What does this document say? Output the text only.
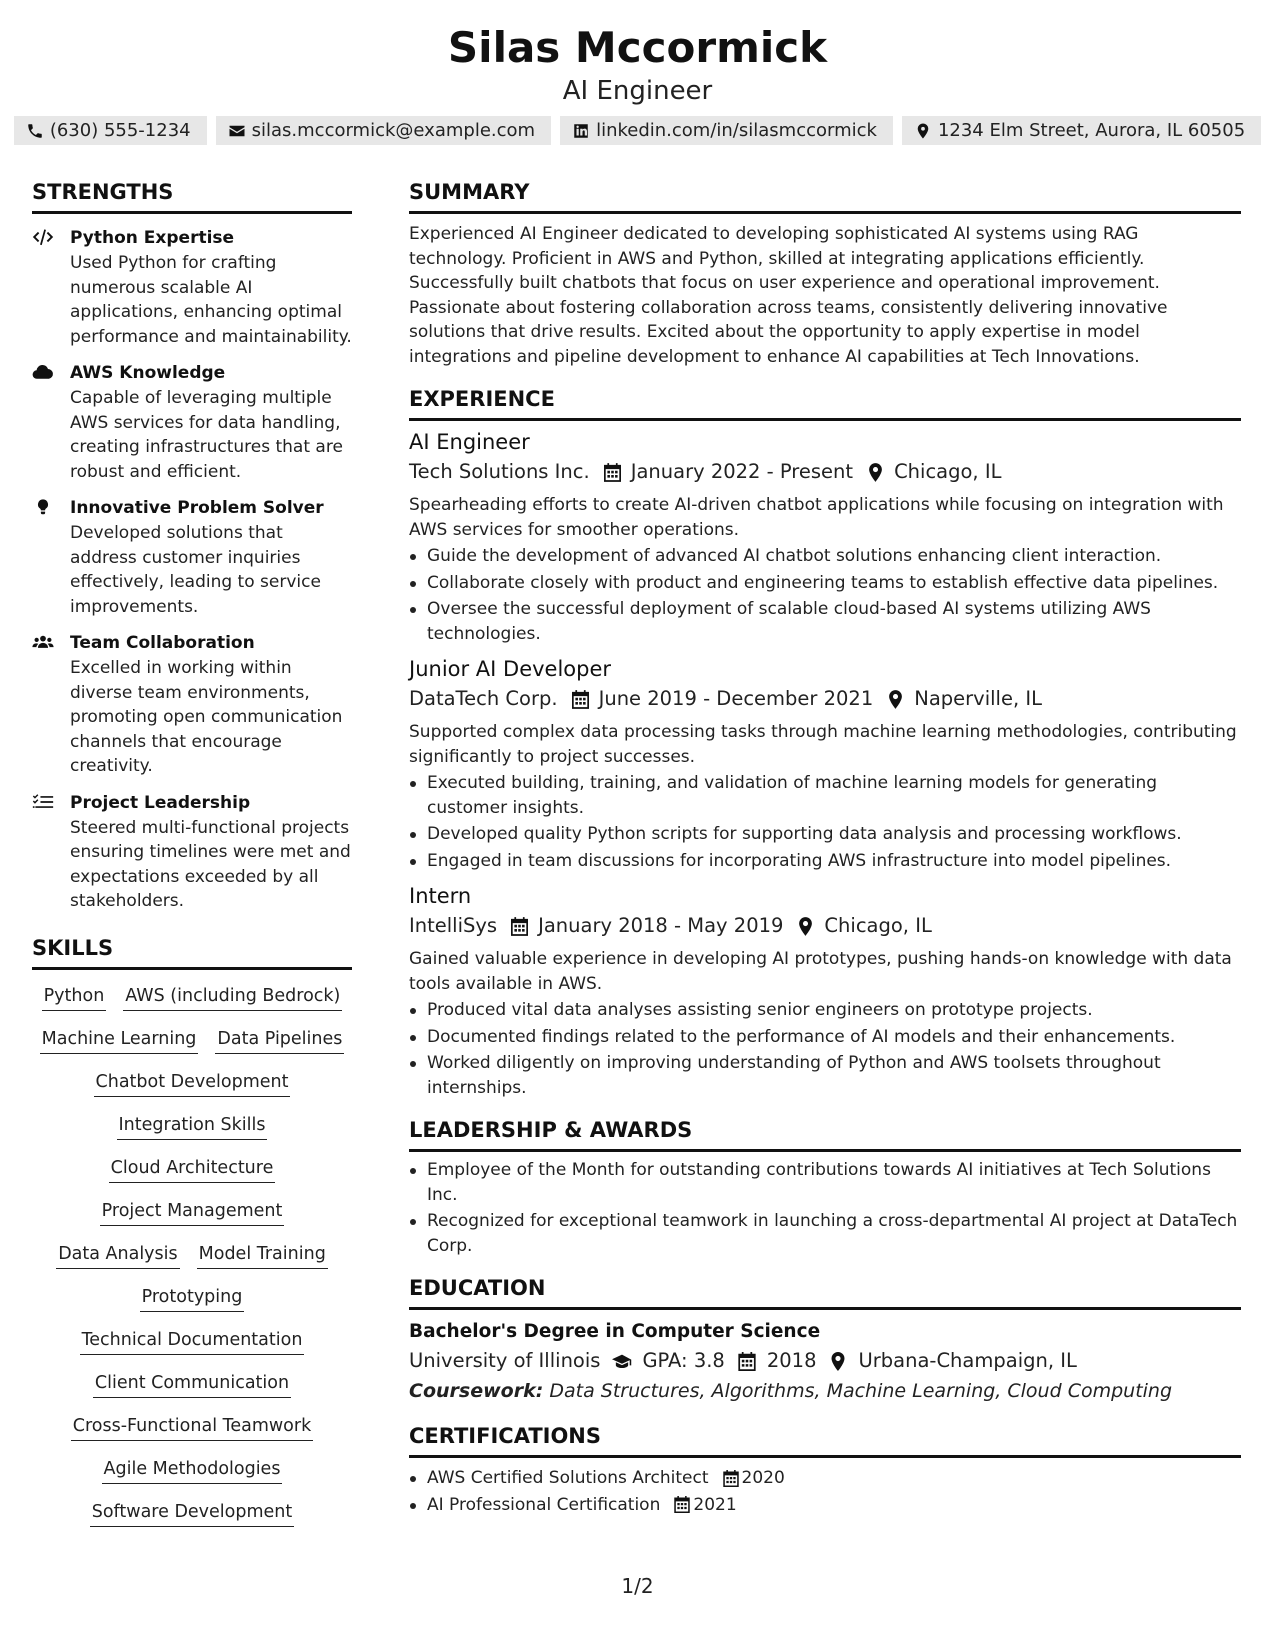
Silas Mccormick
AI Engineer
(630) 555-1234	silas.mccormick@example.com	linkedin.com/in/silasmccormick	1234 Elm Street, Aurora, IL 60505
STRENGTHS
Python Expertise
Used Python for crafting numerous scalable AI applications, enhancing optimal performance and maintainability.
AWS Knowledge
Capable of leveraging multiple AWS services for data handling, creating infrastructures that are robust and efficient.
Innovative Problem Solver
Developed solutions that address customer inquiries effectively, leading to service improvements.
Team Collaboration
Excelled in working within diverse team environments, promoting open communication channels that encourage creativity.
Project Leadership
Steered multi-functional projects ensuring timelines were met and expectations exceeded by all stakeholders.
SKILLS
Python AWS (including Bedrock)
Machine Learning Data Pipelines
Chatbot Development
Integration Skills
Cloud Architecture
Project Management
Data Analysis Model Training
Prototyping
Technical Documentation
Client Communication
Cross-Functional Teamwork
Agile Methodologies
Software Development
SUMMARY
Experienced AI Engineer dedicated to developing sophisticated AI systems using RAG technology. Proficient in AWS and Python, skilled at integrating applications efficiently. Successfully built chatbots that focus on user experience and operational improvement. Passionate about fostering collaboration across teams, consistently delivering innovative solutions that drive results. Excited about the opportunity to apply expertise in model integrations and pipeline development to enhance AI capabilities at Tech Innovations.
EXPERIENCE
AI Engineer
Tech Solutions Inc. January 2022 - Present Chicago, IL
Spearheading efforts to create AI-driven chatbot applications while focusing on integration with AWS services for smoother operations.
Guide the development of advanced AI chatbot solutions enhancing client interaction.
Collaborate closely with product and engineering teams to establish effective data pipelines.
Oversee the successful deployment of scalable cloud-based AI systems utilizing AWS technologies.
Junior AI Developer
DataTech Corp. June 2019 - December 2021 Naperville, IL
Supported complex data processing tasks through machine learning methodologies, contributing significantly to project successes.
Executed building, training, and validation of machine learning models for generating customer insights.
Developed quality Python scripts for supporting data analysis and processing workflows.
Engaged in team discussions for incorporating AWS infrastructure into model pipelines.
Intern
IntelliSys January 2018 - May 2019 Chicago, IL
Gained valuable experience in developing AI prototypes, pushing hands-on knowledge with data tools available in AWS.
Produced vital data analyses assisting senior engineers on prototype projects.
Documented findings related to the performance of AI models and their enhancements.
Worked diligently on improving understanding of Python and AWS toolsets throughout internships.
LEADERSHIP & AWARDS
Employee of the Month for outstanding contributions towards AI initiatives at Tech Solutions Inc.
Recognized for exceptional teamwork in launching a cross-departmental AI project at DataTech Corp.
EDUCATION
Bachelor's Degree in Computer Science
University of Illinois GPA: 3.8 2018 Urbana-Champaign, IL
Coursework: Data Structures, Algorithms, Machine Learning, Cloud Computing
CERTIFICATIONS
AWS Certified Solutions Architect 2020
AI Professional Certification 2021
1/2
